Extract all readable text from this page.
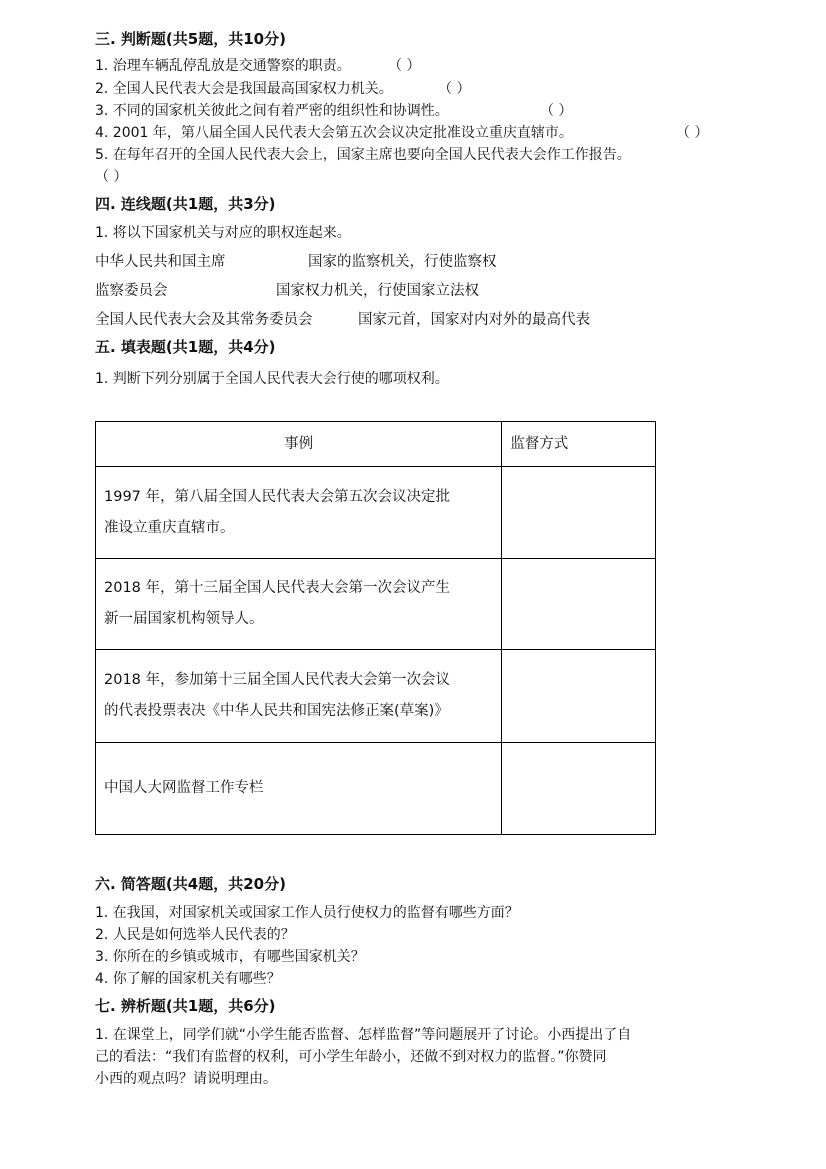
三. 判断题(共5题，共10分)
1. 治理车辆乱停乱放是交通警察的职责。	（ ）
2. 全国人民代表大会是我国最高国家权力机关。	（ ）
3. 不同的国家机关彼此之间有着严密的组织性和协调性。	（ ）
4. 2001 年，第八届全国人民代表大会第五次会议决定批准设立重庆直辖市。	（ ）
5. 在每年召开的全国人民代表大会上，国家主席也要向全国人民代表大会作工作报告。
（ ）
四. 连线题(共1题，共3分)
1. 将以下国家机关与对应的职权连起来。
中华人民共和国主席	国家的监察机关，行使监察权
监察委员会	国家权力机关，行使国家立法权
全国人民代表大会及其常务委员会	国家元首，国家对内对外的最高代表
五. 填表题(共1题，共4分)
1. 判断下列分别属于全国人民代表大会行使的哪项权利。
事例	监督方式

1997 年，第八届全国人民代表大会第五次会议决定批
准设立重庆直辖市。	

2018 年，第十三届全国人民代表大会第一次会议产生
新一届国家机构领导人。	

2018 年，参加第十三届全国人民代表大会第一次会议
的代表投票表决《中华人民共和国宪法修正案(草案)》	

中国人大网监督工作专栏	

六. 简答题(共4题，共20分)
1. 在我国，对国家机关或国家工作人员行使权力的监督有哪些方面？
2. 人民是如何选举人民代表的？
3. 你所在的乡镇或城市，有哪些国家机关？
4. 你了解的国家机关有哪些？
七. 辨析题(共1题，共6分)
1. 在课堂上，同学们就“小学生能否监督、怎样监督”等问题展开了讨论。小西提出了自
己的看法：“我们有监督的权利，可小学生年龄小，还做不到对权力的监督。”你赞同
小西的观点吗？请说明理由。
